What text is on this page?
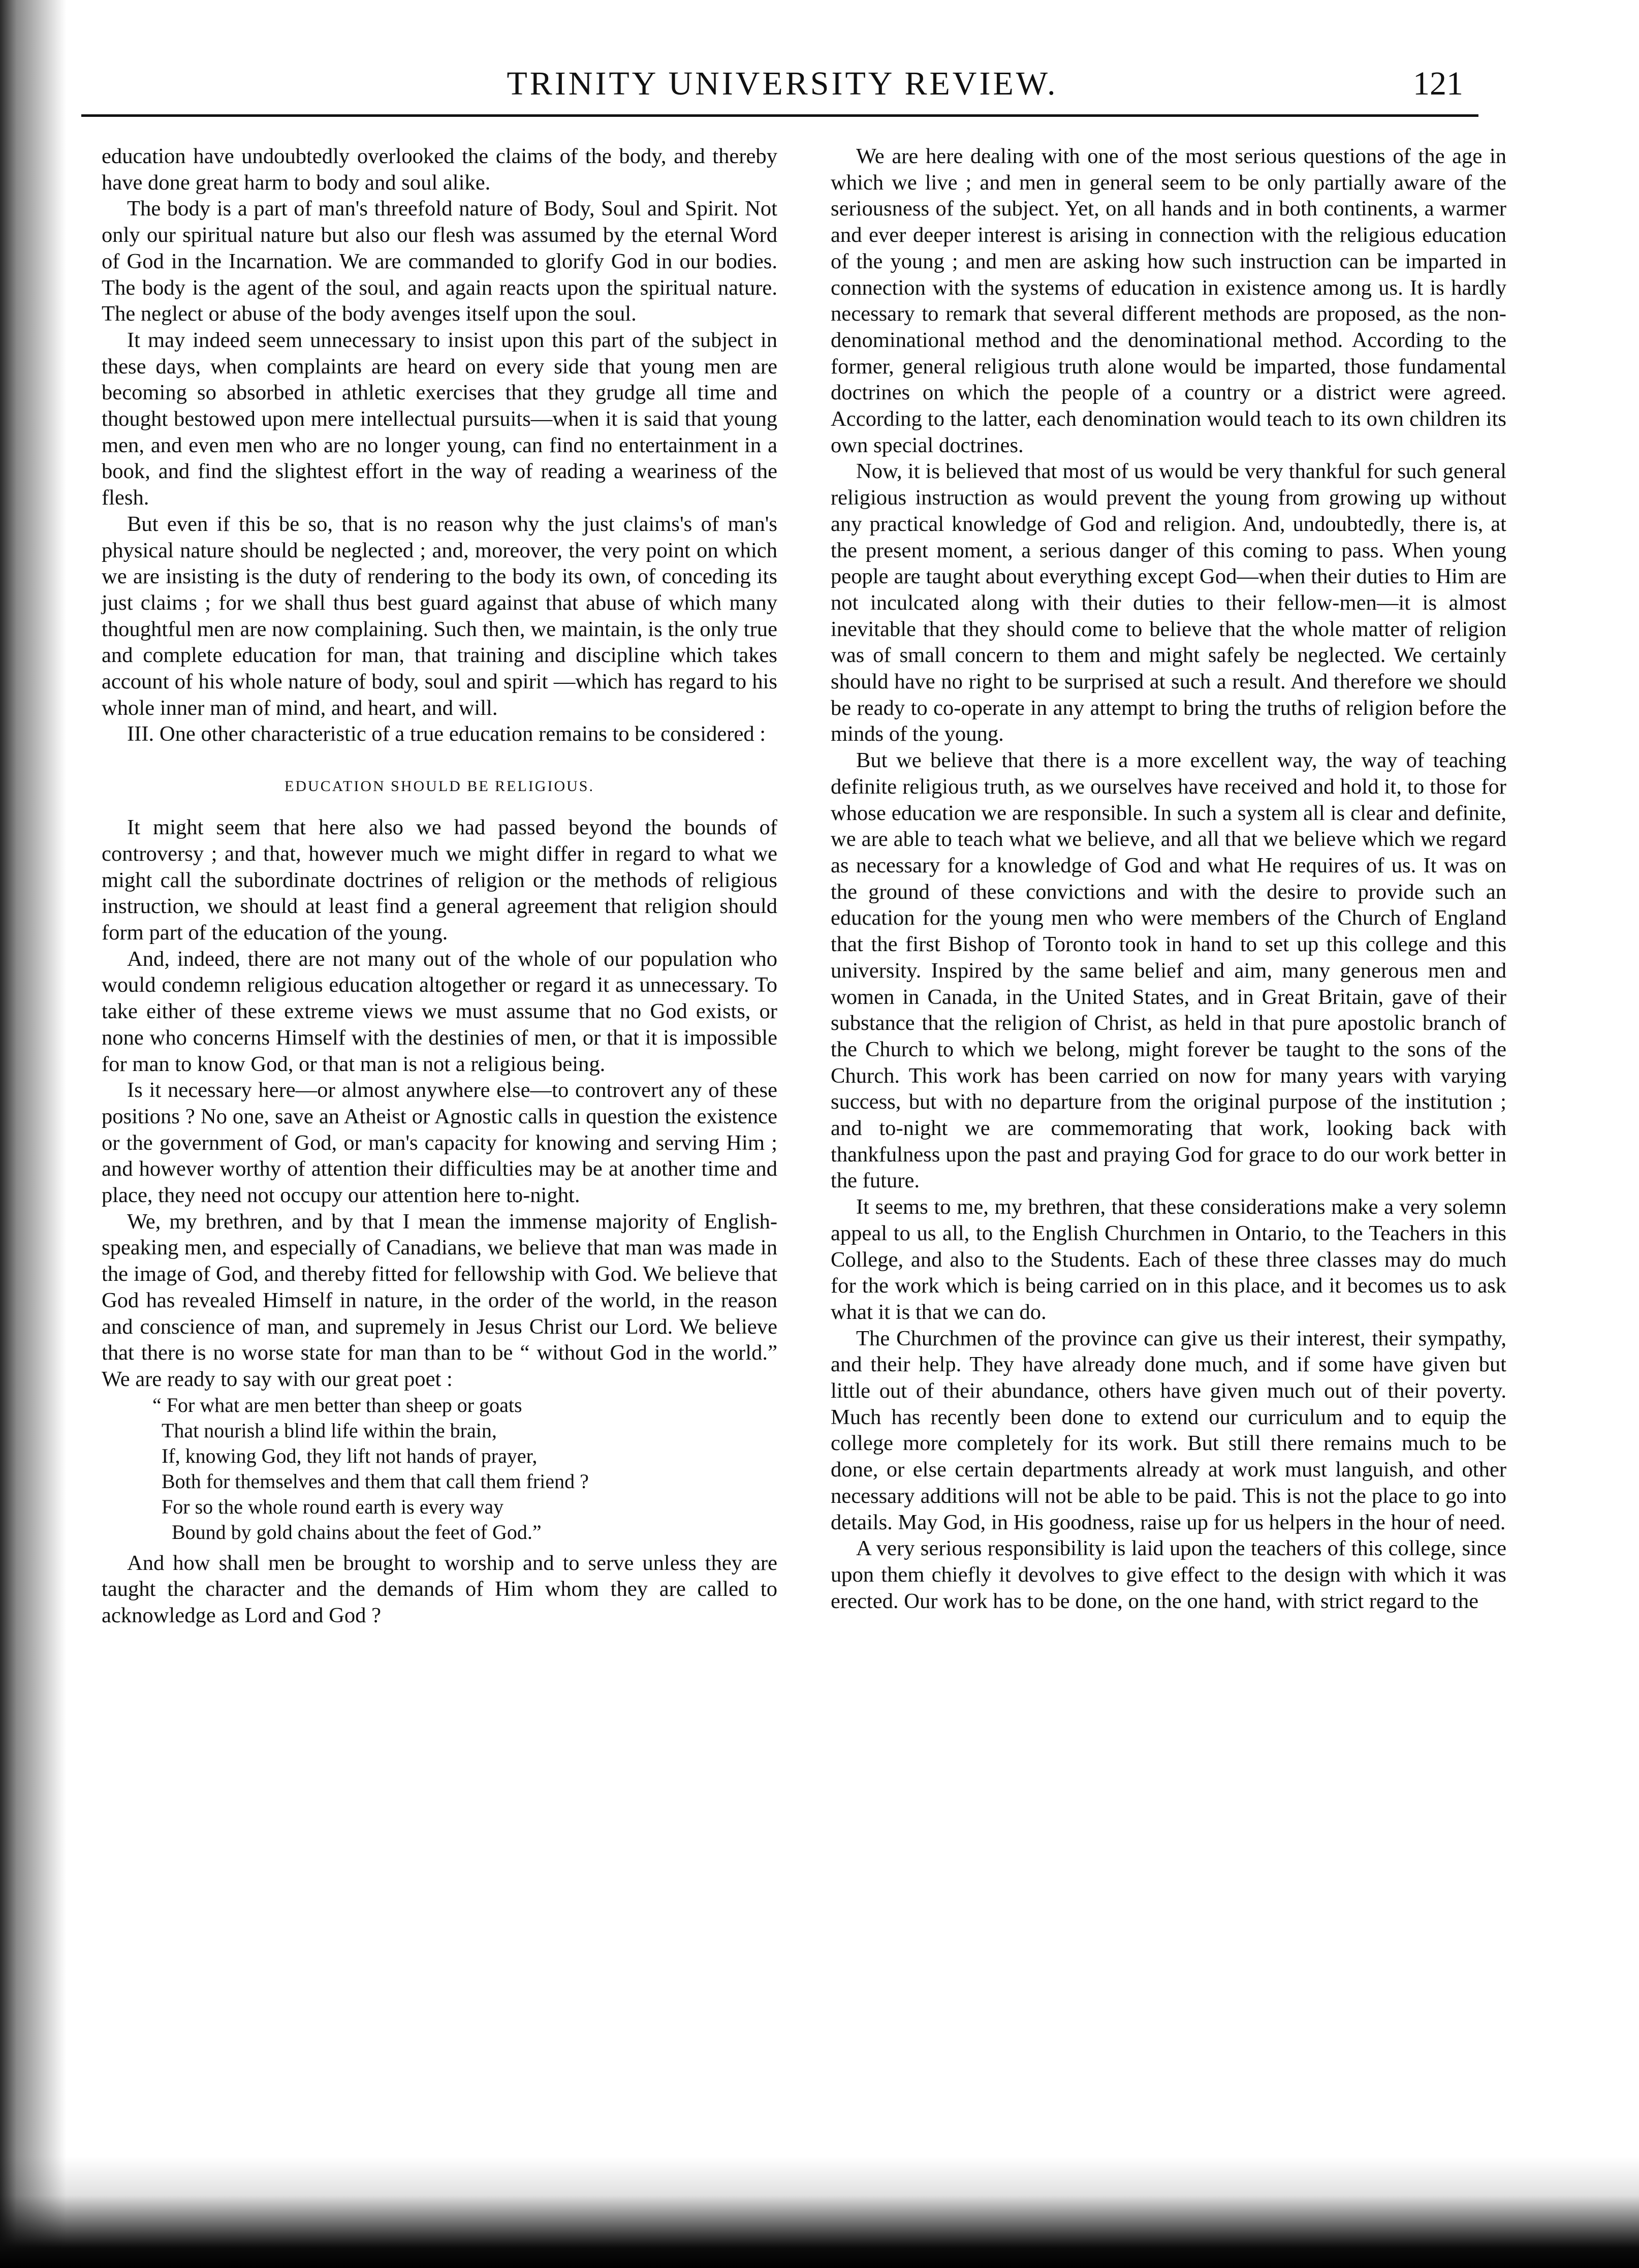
TRINITY UNIVERSITY REVIEW.	121

education have undoubtedly overlooked the claims of the body, and thereby have done great harm to body and soul alike.

The body is a part of man's threefold nature of Body, Soul and Spirit. Not only our spiritual nature but also our flesh was assumed by the eternal Word of God in the Incarnation. We are commanded to glorify God in our bodies. The body is the agent of the soul, and again reacts upon the spiritual nature. The neglect or abuse of the body avenges itself upon the soul.

It may indeed seem unnecessary to insist upon this part of the subject in these days, when complaints are heard on every side that young men are becoming so absorbed in athletic exercises that they grudge all time and thought bestowed upon mere intellectual pursuits—when it is said that young men, and even men who are no longer young, can find no entertainment in a book, and find the slightest effort in the way of reading a weariness of the flesh.

But even if this be so, that is no reason why the just claims's of man's physical nature should be neglected ; and, moreover, the very point on which we are insisting is the duty of rendering to the body its own, of conceding its just claims ; for we shall thus best guard against that abuse of which many thoughtful men are now complaining. Such then, we maintain, is the only true and complete education for man, that training and discipline which takes account of his whole nature of body, soul and spirit —which has regard to his whole inner man of mind, and heart, and will.

III. One other characteristic of a true education remains to be considered :

EDUCATION SHOULD BE RELIGIOUS.

It might seem that here also we had passed beyond the bounds of controversy ; and that, however much we might differ in regard to what we might call the subordinate doctrines of religion or the methods of religious instruction, we should at least find a general agreement that religion should form part of the education of the young.

And, indeed, there are not many out of the whole of our population who would condemn religious education altogether or regard it as unnecessary. To take either of these extreme views we must assume that no God exists, or none who concerns Himself with the destinies of men, or that it is impossible for man to know God, or that man is not a religious being.

Is it necessary here—or almost anywhere else—to controvert any of these positions ? No one, save an Atheist or Agnostic calls in question the existence or the government of God, or man's capacity for knowing and serving Him ; and however worthy of attention their difficulties may be at another time and place, they need not occupy our attention here to-night.

We, my brethren, and by that I mean the immense majority of English-speaking men, and especially of Canadians, we believe that man was made in the image of God, and thereby fitted for fellowship with God. We believe that God has revealed Himself in nature, in the order of the world, in the reason and conscience of man, and supremely in Jesus Christ our Lord. We believe that there is no worse state for man than to be “ without God in the world.” We are ready to say with our great poet :

“ For what are men better than sheep or goats
That nourish a blind life within the brain,
If, knowing God, they lift not hands of prayer,
Both for themselves and them that call them friend ?
For so the whole round earth is every way
Bound by gold chains about the feet of God.”

And how shall men be brought to worship and to serve unless they are taught the character and the demands of Him whom they are called to acknowledge as Lord and God ?

We are here dealing with one of the most serious questions of the age in which we live ; and men in general seem to be only partially aware of the seriousness of the subject. Yet, on all hands and in both continents, a warmer and ever deeper interest is arising in connection with the religious education of the young ; and men are asking how such instruction can be imparted in connection with the systems of education in existence among us. It is hardly necessary to remark that several different methods are proposed, as the non-denominational method and the denominational method. According to the former, general religious truth alone would be imparted, those fundamental doctrines on which the people of a country or a district were agreed. According to the latter, each denomination would teach to its own children its own special doctrines.

Now, it is believed that most of us would be very thankful for such general religious instruction as would prevent the young from growing up without any practical knowledge of God and religion. And, undoubtedly, there is, at the present moment, a serious danger of this coming to pass. When young people are taught about everything except God—when their duties to Him are not inculcated along with their duties to their fellow-men—it is almost inevitable that they should come to believe that the whole matter of religion was of small concern to them and might safely be neglected. We certainly should have no right to be surprised at such a result. And therefore we should be ready to co-operate in any attempt to bring the truths of religion before the minds of the young.

But we believe that there is a more excellent way, the way of teaching definite religious truth, as we ourselves have received and hold it, to those for whose education we are responsible. In such a system all is clear and definite, we are able to teach what we believe, and all that we believe which we regard as necessary for a knowledge of God and what He requires of us. It was on the ground of these convictions and with the desire to provide such an education for the young men who were members of the Church of England that the first Bishop of Toronto took in hand to set up this college and this university. Inspired by the same belief and aim, many generous men and women in Canada, in the United States, and in Great Britain, gave of their substance that the religion of Christ, as held in that pure apostolic branch of the Church to which we belong, might forever be taught to the sons of the Church. This work has been carried on now for many years with varying success, but with no departure from the original purpose of the institution ; and to-night we are commemorating that work, looking back with thankfulness upon the past and praying God for grace to do our work better in the future.

It seems to me, my brethren, that these considerations make a very solemn appeal to us all, to the English Churchmen in Ontario, to the Teachers in this College, and also to the Students. Each of these three classes may do much for the work which is being carried on in this place, and it becomes us to ask what it is that we can do.

The Churchmen of the province can give us their interest, their sympathy, and their help. They have already done much, and if some have given but little out of their abundance, others have given much out of their poverty. Much has recently been done to extend our curriculum and to equip the college more completely for its work. But still there remains much to be done, or else certain departments already at work must languish, and other necessary additions will not be able to be paid. This is not the place to go into details. May God, in His goodness, raise up for us helpers in the hour of need.

A very serious responsibility is laid upon the teachers of this college, since upon them chiefly it devolves to give effect to the design with which it was erected. Our work has to be done, on the one hand, with strict regard to the
